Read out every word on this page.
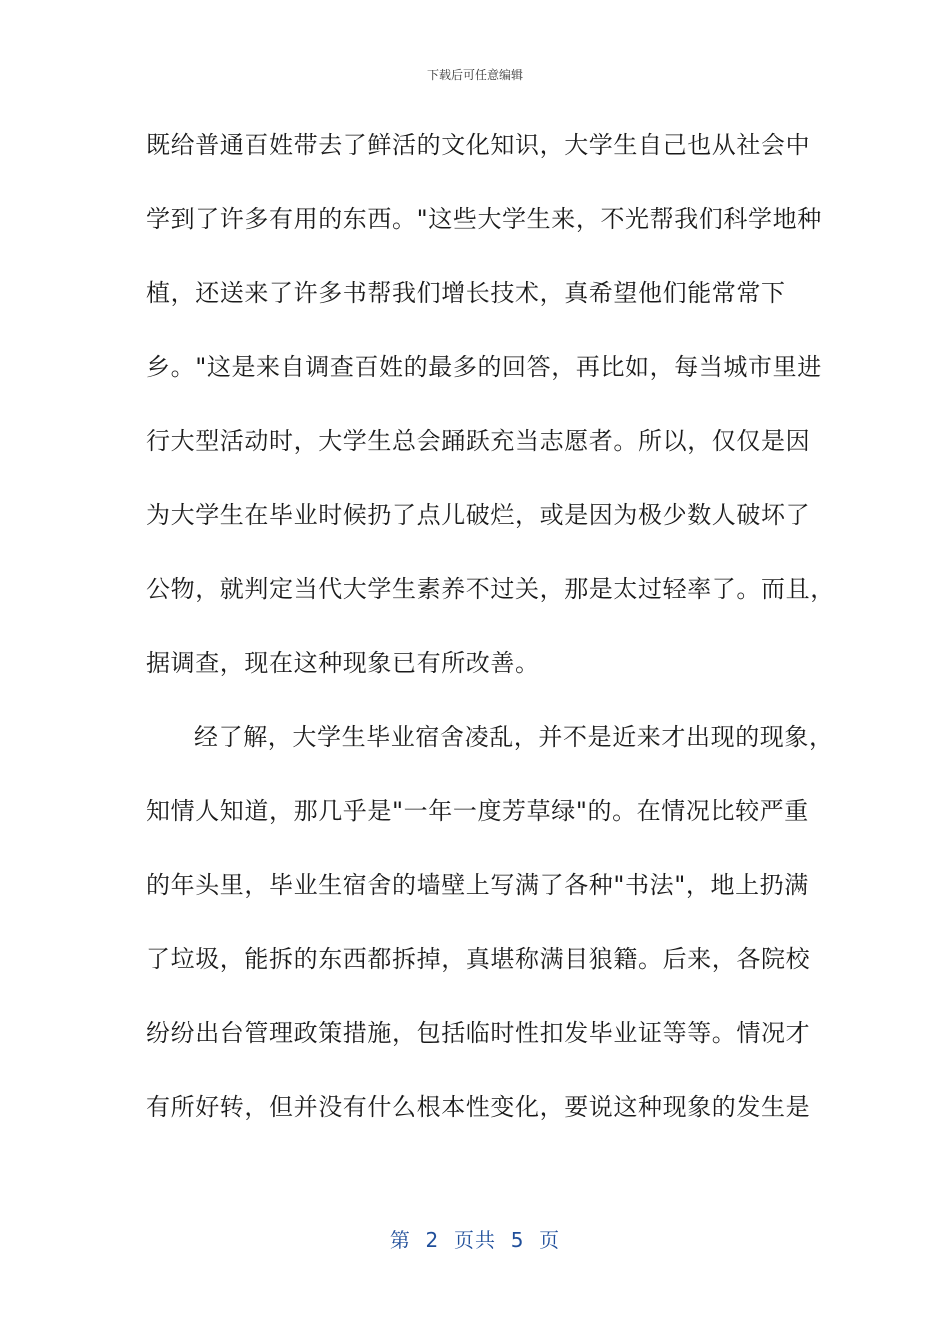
下载后可任意编辑
既给普通百姓带去了鲜活的文化知识，大学生自己也从社会中
学到了许多有用的东西。"这些大学生来，不光帮我们科学地种
植，还送来了许多书帮我们增长技术，真希望他们能常常下
乡。"这是来自调查百姓的最多的回答，再比如，每当城市里进
行大型活动时，大学生总会踊跃充当志愿者。所以，仅仅是因
为大学生在毕业时候扔了点儿破烂，或是因为极少数人破坏了
公物，就判定当代大学生素养不过关，那是太过轻率了。而且，
据调查，现在这种现象已有所改善。
经了解，大学生毕业宿舍凌乱，并不是近来才出现的现象，
知情人知道，那几乎是"一年一度芳草绿"的。在情况比较严重
的年头里，毕业生宿舍的墙壁上写满了各种"书法"，地上扔满
了垃圾，能拆的东西都拆掉，真堪称满目狼籍。后来，各院校
纷纷出台管理政策措施，包括临时性扣发毕业证等等。情况才
有所好转，但并没有什么根本性变化，要说这种现象的发生是
第  2  页共  5  页
